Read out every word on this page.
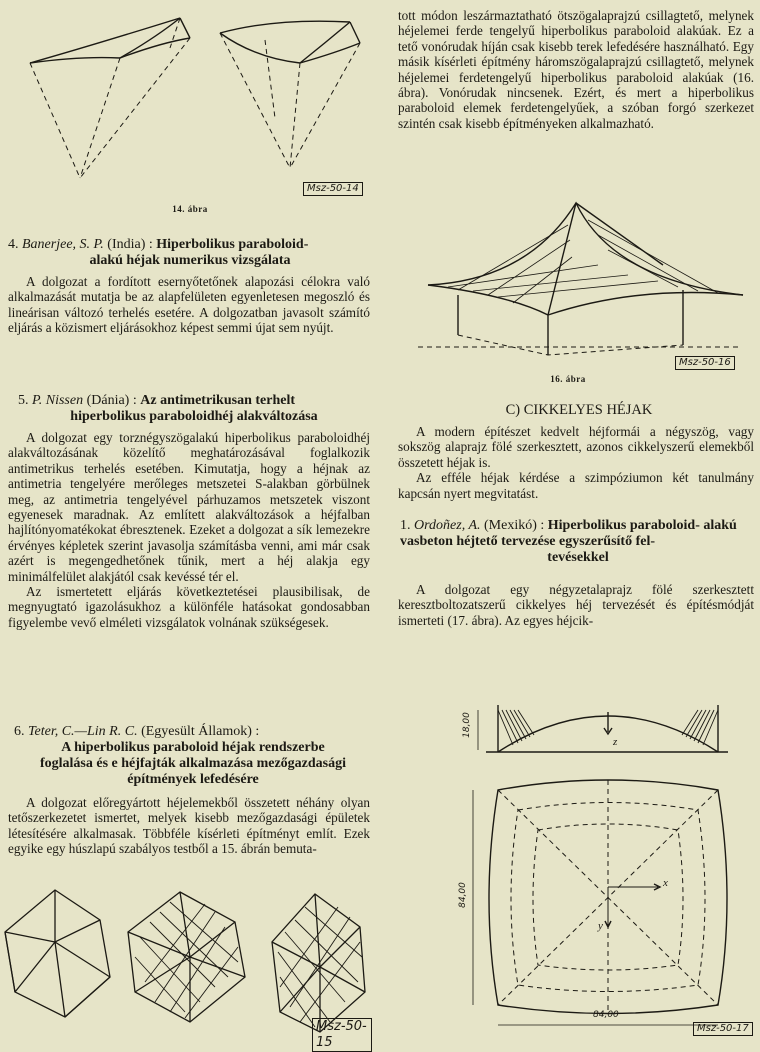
Msz-50-14
14. ábra
4. Banerjee, S. P. (India) : Hiperbolikus paraboloid-
alakú héjak numerikus vizsgálata

A dolgozat a fordított esernyőtetőnek alapozási célokra való alkalmazását mutatja be az alapfelületen egyenletesen megoszló és lineárisan változó terhelés esetére. A dolgozatban javasolt számító eljárás a közismert eljárásokhoz képest semmi újat sem nyújt.

5. P. Nissen (Dánia) : Az antimetrikusan terhelt
hiperbolikus paraboloidhéj alakváltozása

A dolgozat egy torznégyszögalakú hiperbolikus paraboloidhéj alakváltozásának közelítő meghatározásával foglalkozik antimetrikus terhelés esetében. Kimutatja, hogy a héjnak az antimetria tengelyére merőleges metszetei S-alakban görbülnek meg, az antimetria tengelyével párhuzamos metszetek viszont egyenesek maradnak. Az említett alakváltozások a héjfalban hajlítónyomatékokat ébresztenek. Ezeket a dolgozat a sík lemezekre érvényes képletek szerint javasolja számításba venni, ami már csak azért is megengedhetőnek tűnik, mert a héj alakja egy minimálfelület alakjától csak kevéssé tér el.

Az ismertetett eljárás következtetései plausibilisak, de megnyugtató igazolásukhoz a különféle hatásokat gondosabban figyelembe vevő elméleti vizsgálatok volnának szükségesek.

6. Teter, C.—Lin R. C. (Egyesült Államok) :
A hiperbolikus paraboloid héjak rendszerbe
foglalása és e héjfajták alkalmazása mezőgazdasági
építmények lefedésére

A dolgozat előregyártott héjelemekből összetett néhány olyan tetőszerkezetet ismertet, melyek kisebb mezőgazdasági épületek létesítésére alkalmasak. Többféle kísérleti építményt említ. Ezek egyike egy húszlapú szabályos testből a 15. ábrán bemuta-

Msz-50-15

tott módon leszármaztatható ötszögalaprajzú csillagtető, melynek héjelemei ferde tengelyű hiperbolikus paraboloid alakúak. Ez a tető vonórudak híján csak kisebb terek lefedésére használható. Egy másik kísérleti építmény háromszögalaprajzú csillagtető, melynek héjelemei ferdetengelyű hiperbolikus paraboloid alakúak (16. ábra). Vonórudak nincsenek. Ezért, és mert a hiperbolikus paraboloid elemek ferdetengelyűek, a szóban forgó szerkezet szintén csak kisebb építményeken alkalmazható.

Msz-50-16
16. ábra
C) CIKKELYES HÉJAK

A modern építészet kedvelt héjformái a négyszög, vagy sokszög alaprajz fölé szerkesztett, azonos cikkelyszerű elemekből összetett héjak is.

Az efféle héjak kérdése a szimpóziumon két tanulmány kapcsán nyert megvitatást.

1. Ordoñez, A. (Mexikó) : Hiperbolikus paraboloid- alakú vasbeton héjtető tervezése egyszerűsítő fel-
tevésekkel

A dolgozat egy négyzetalaprajz fölé szerkesztett keresztboltozatszerű cikkelyes héj tervezését és építésmódját ismerteti (17. ábra). Az egyes héjcik-

18,00
z
84,00	x
y
84,00
Msz-50-17
